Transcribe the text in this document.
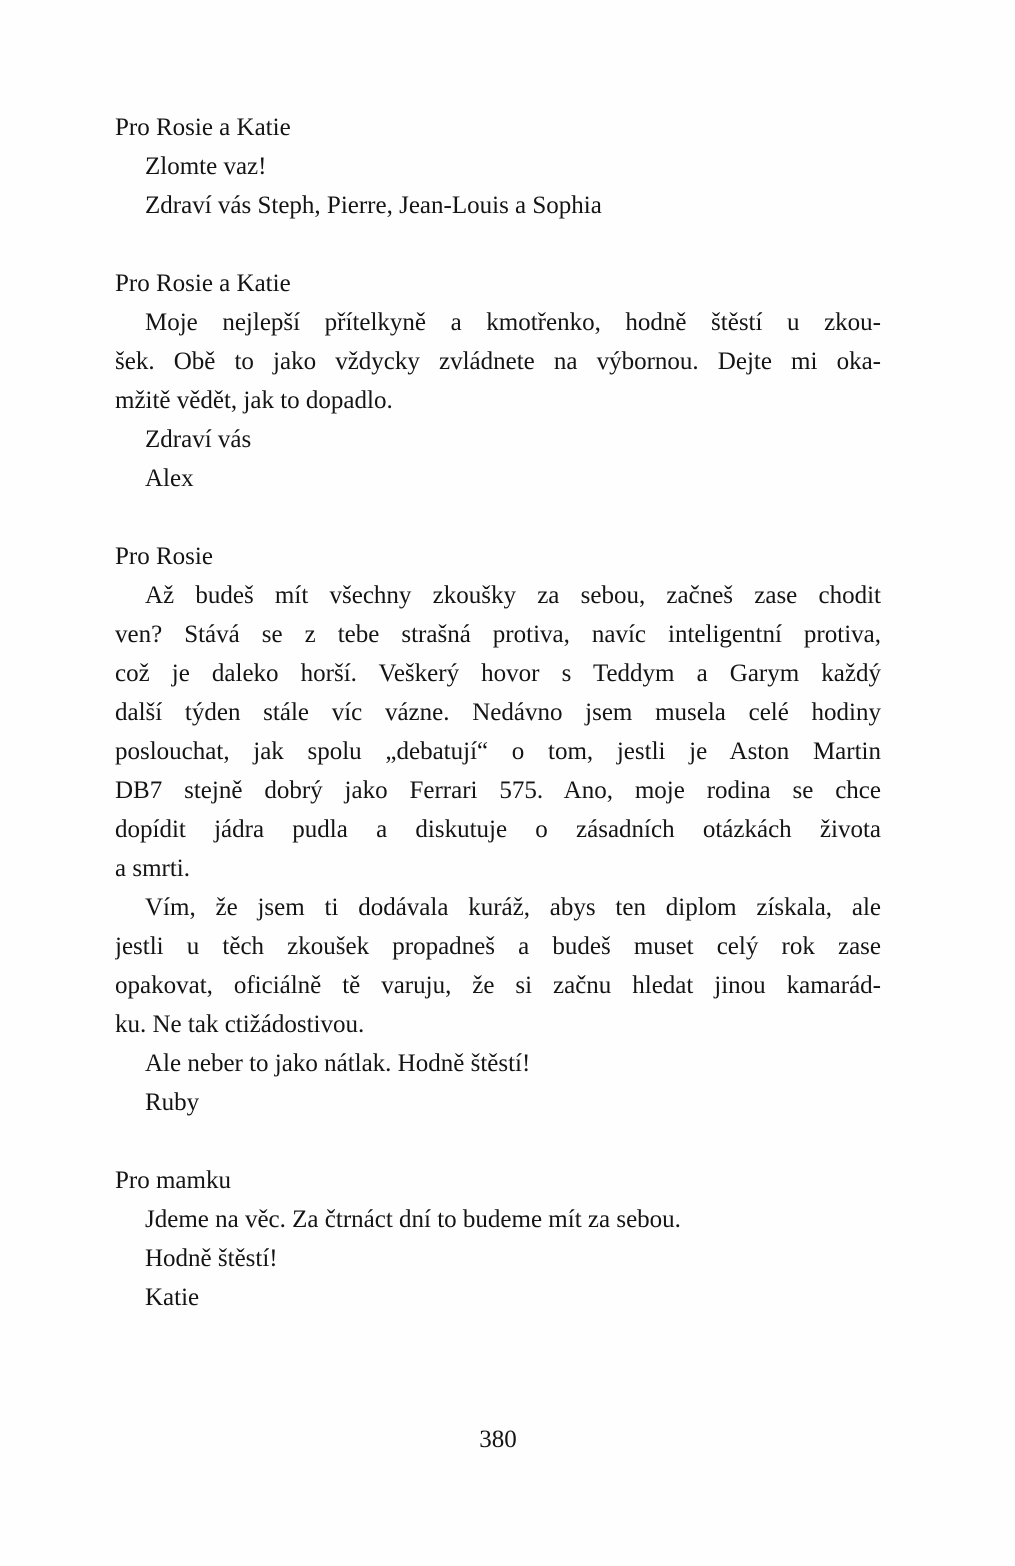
Pro Rosie a Katie
Zlomte vaz!
Zdraví vás Steph, Pierre, Jean-Louis a Sophia
Pro Rosie a Katie
Moje nejlepší přítelkyně a kmotřenko, hodně štěstí u zkou-
šek. Obě to jako vždycky zvládnete na výbornou. Dejte mi oka-
mžitě vědět, jak to dopadlo.
Zdraví vás
Alex
Pro Rosie
Až budeš mít všechny zkoušky za sebou, začneš zase chodit
ven? Stává se z tebe strašná protiva, navíc inteligentní protiva,
což je daleko horší. Veškerý hovor s Teddym a Garym každý
další týden stále víc vázne. Nedávno jsem musela celé hodiny
poslouchat, jak spolu „debatují“ o tom, jestli je Aston Martin
DB7 stejně dobrý jako Ferrari 575. Ano, moje rodina se chce
dopídit jádra pudla a diskutuje o zásadních otázkách života
a smrti.
Vím, že jsem ti dodávala kuráž, abys ten diplom získala, ale
jestli u těch zkoušek propadneš a budeš muset celý rok zase
opakovat, oficiálně tě varuju, že si začnu hledat jinou kamarád-
ku. Ne tak ctižádostivou.
Ale neber to jako nátlak. Hodně štěstí!
Ruby
Pro mamku
Jdeme na věc. Za čtrnáct dní to budeme mít za sebou.
Hodně štěstí!
Katie
380
